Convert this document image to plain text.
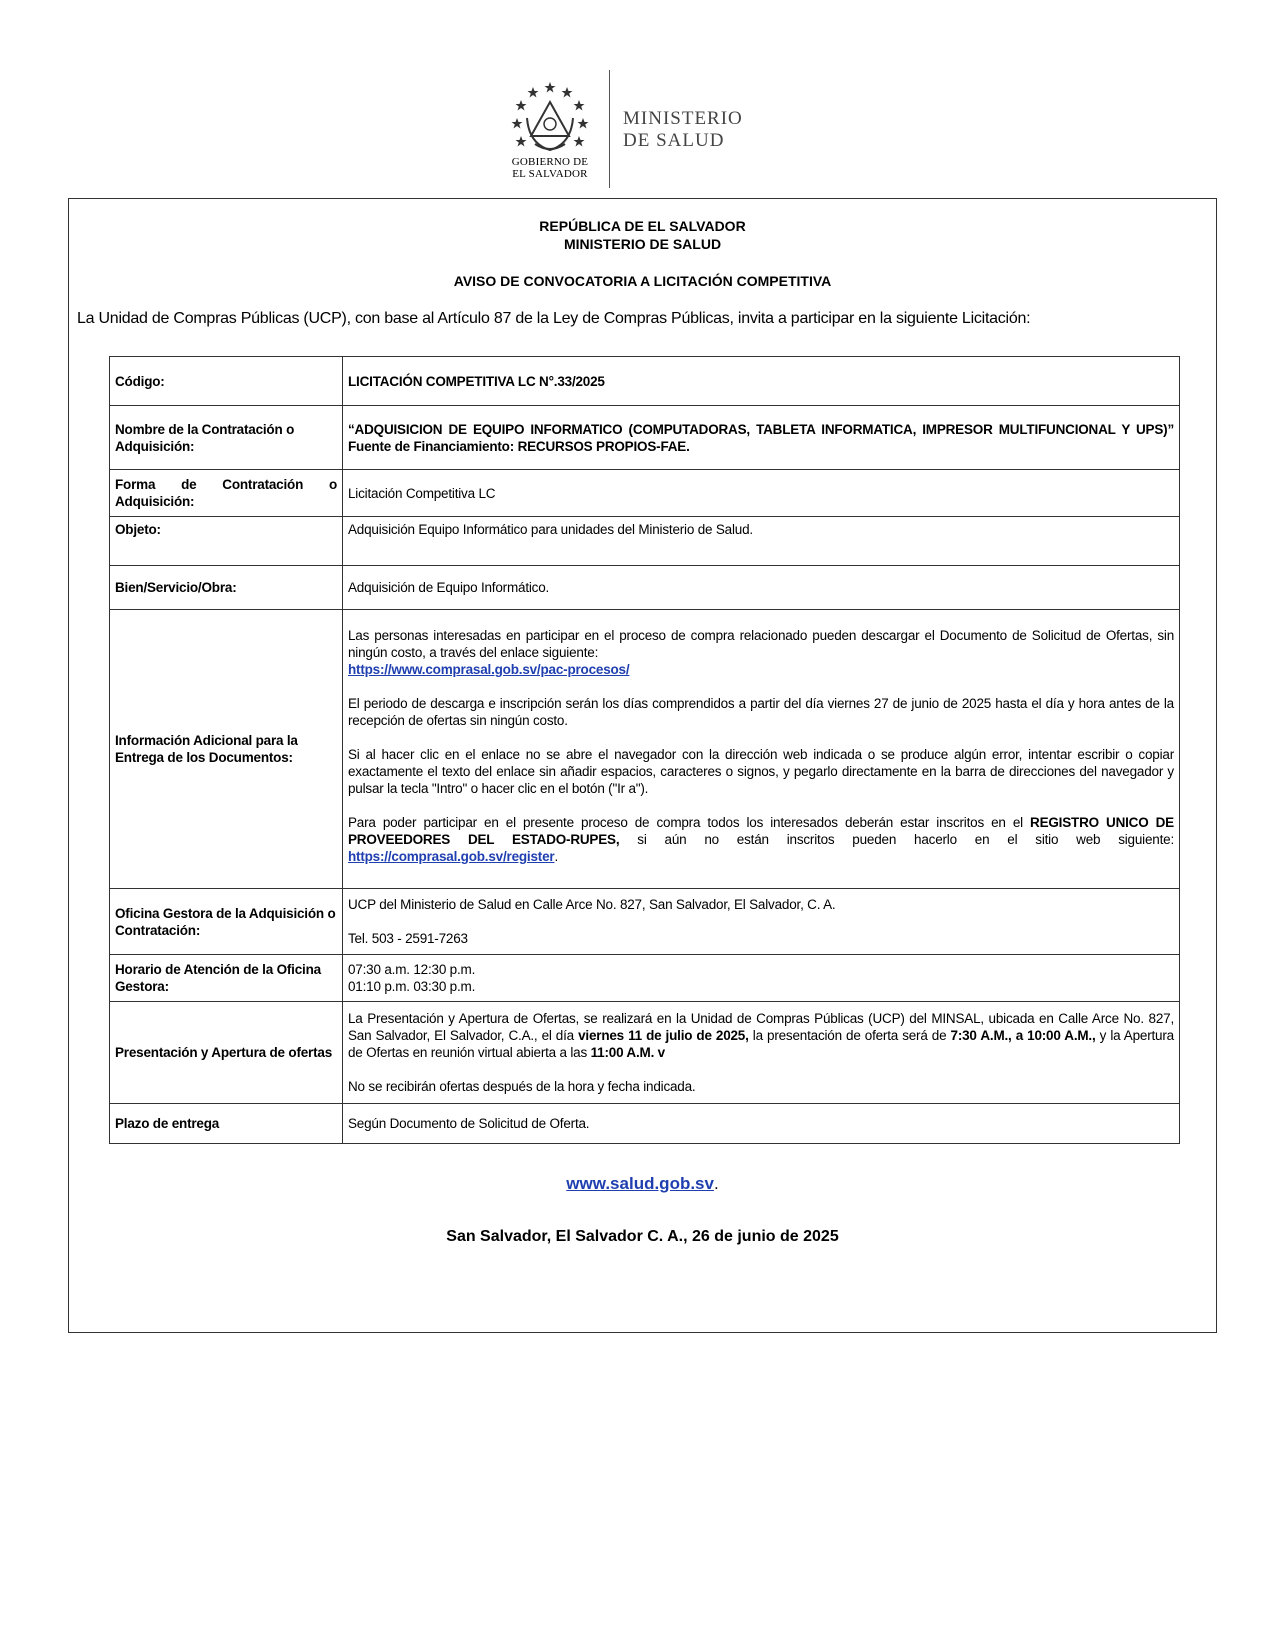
GOBIERNO DE
EL SALVADOR
MINISTERIO
DE SALUD
REPÚBLICA DE EL SALVADOR
MINISTERIO DE SALUD
AVISO DE CONVOCATORIA A LICITACIÓN COMPETITIVA
La Unidad de Compras Públicas (UCP), con base al Artículo 87 de la Ley de Compras Públicas, invita a participar en la siguiente Licitación:
Código:	LICITACIÓN COMPETITIVA LC N°.33/2025
Nombre de la Contratación o Adquisición:	“ADQUISICION DE EQUIPO INFORMATICO (COMPUTADORAS, TABLETA INFORMATICA, IMPRESOR MULTIFUNCIONAL Y UPS)” Fuente de Financiamiento: RECURSOS PROPIOS-FAE.
Forma de Contratación o Adquisición:	Licitación Competitiva LC
Objeto:	Adquisición Equipo Informático para unidades del Ministerio de Salud.
Bien/Servicio/Obra:	Adquisición de Equipo Informático.
Información Adicional para la Entrega de los Documentos:	Las personas interesadas en participar en el proceso de compra relacionado pueden descargar el Documento de Solicitud de Ofertas, sin ningún costo, a través del enlace siguiente:
https://www.comprasal.gob.sv/pac-procesos/
El periodo de descarga e inscripción serán los días comprendidos a partir del día viernes 27 de junio de 2025 hasta el día y hora antes de la recepción de ofertas sin ningún costo.
Si al hacer clic en el enlace no se abre el navegador con la dirección web indicada o se produce algún error, intentar escribir o copiar exactamente el texto del enlace sin añadir espacios, caracteres o signos, y pegarlo directamente en la barra de direcciones del navegador y pulsar la tecla "Intro" o hacer clic en el botón ("Ir a").
Para poder participar en el presente proceso de compra todos los interesados deberán estar inscritos en el REGISTRO UNICO DE PROVEEDORES DEL ESTADO-RUPES, si aún no están inscritos pueden hacerlo en el sitio web siguiente: https://comprasal.gob.sv/register.

Oficina Gestora de la Adquisición o Contratación:	UCP del Ministerio de Salud en Calle Arce No. 827, San Salvador, El Salvador, C. A.
Tel. 503 - 2591-7263

Horario de Atención de la Oficina Gestora:	07:30 a.m. 12:30 p.m.
01:10 p.m. 03:30 p.m.

Presentación y Apertura de ofertas	La Presentación y Apertura de Ofertas, se realizará en la Unidad de Compras Públicas (UCP) del MINSAL, ubicada en Calle Arce No. 827, San Salvador, El Salvador, C.A., el día viernes 11 de julio de 2025, la presentación de oferta será de 7:30 A.M., a 10:00 A.M., y la Apertura de Ofertas en reunión virtual abierta a las 11:00 A.M. v
No se recibirán ofertas después de la hora y fecha indicada.

Plazo de entrega	Según Documento de Solicitud de Oferta.
www.salud.gob.sv.
San Salvador, El Salvador C. A., 26 de junio de 2025
